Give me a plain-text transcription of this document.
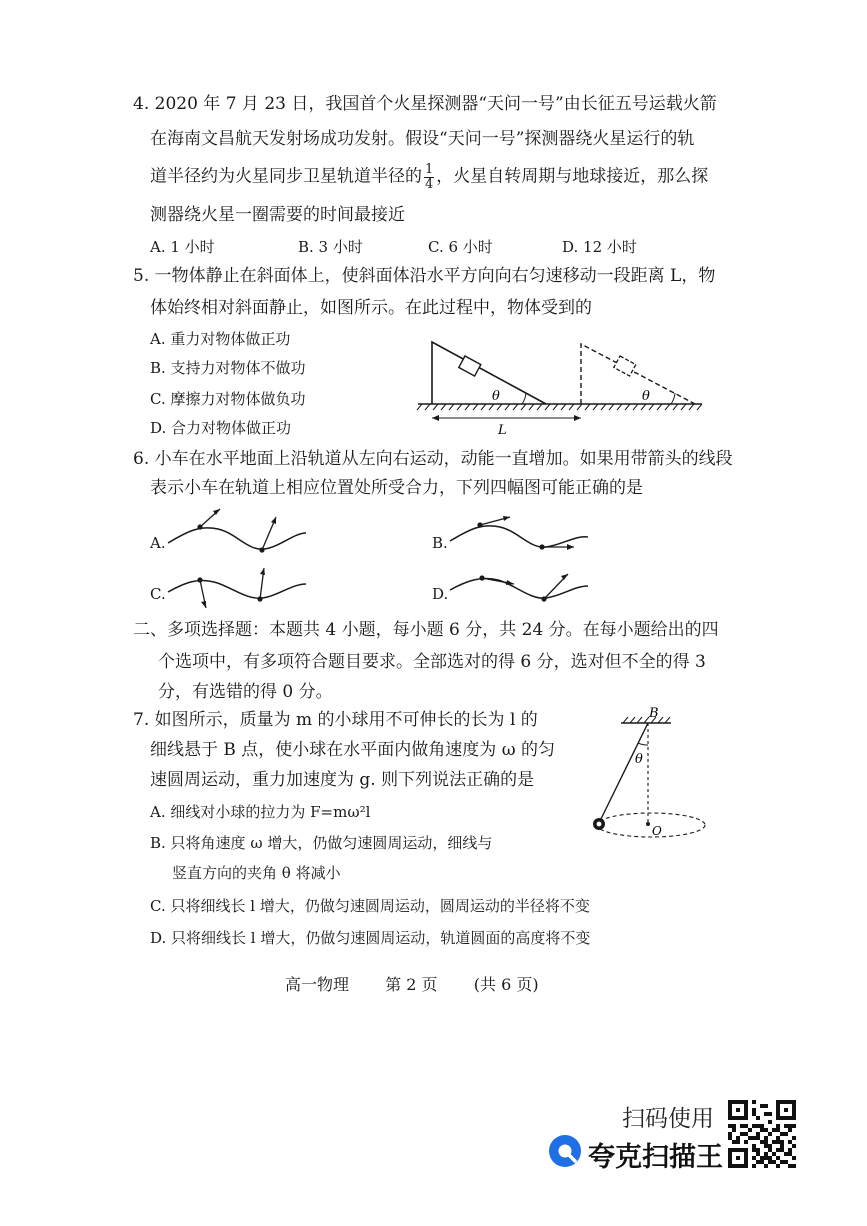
4. 2020 年 7 月 23 日，我国首个火星探测器“天问一号”由长征五号运载火箭
在海南文昌航天发射场成功发射。假设“天问一号”探测器绕火星运行的轨
道半径约为火星同步卫星轨道半径的 $\frac{1}{4}$ ，火星自转周期与地球接近，那么探
测器绕火星一圈需要的时间最接近
A. 1 小时	B. 3 小时	C. 6 小时	D. 12 小时
5. 一物体静止在斜面体上，使斜面体沿水平方向向右匀速移动一段距离 L，物
体始终相对斜面静止，如图所示。在此过程中，物体受到的
A. 重力对物体做正功
B. 支持力对物体不做功
C. 摩擦力对物体做负功
D. 合力对物体做正功
θ	θ
L
6. 小车在水平地面上沿轨道从左向右运动，动能一直增加。如果用带箭头的线段
表示小车在轨道上相应位置处所受合力，下列四幅图可能正确的是
A.	B.
C.	D.
二、多项选择题：本题共 4 小题，每小题 6 分，共 24 分。在每小题给出的四
个选项中，有多项符合题目要求。全部选对的得 6 分，选对但不全的得 3
分，有选错的得 0 分。
7. 如图所示，质量为 m 的小球用不可伸长的长为 l 的
细线悬于 B 点，使小球在水平面内做角速度为 ω 的匀
速圆周运动，重力加速度为 g. 则下列说法正确的是
A. 细线对小球的拉力为 F=mω²l
B. 只将角速度 ω 增大，仍做匀速圆周运动，细线与
竖直方向的夹角 θ 将减小
C. 只将细线长 l 增大，仍做匀速圆周运动，圆周运动的半径将不变
D. 只将细线长 l 增大，仍做匀速圆周运动，轨道圆面的高度将不变
B
θ
O
高一物理 第 2 页 (共 6 页)
扫码使用
夸克扫描王
